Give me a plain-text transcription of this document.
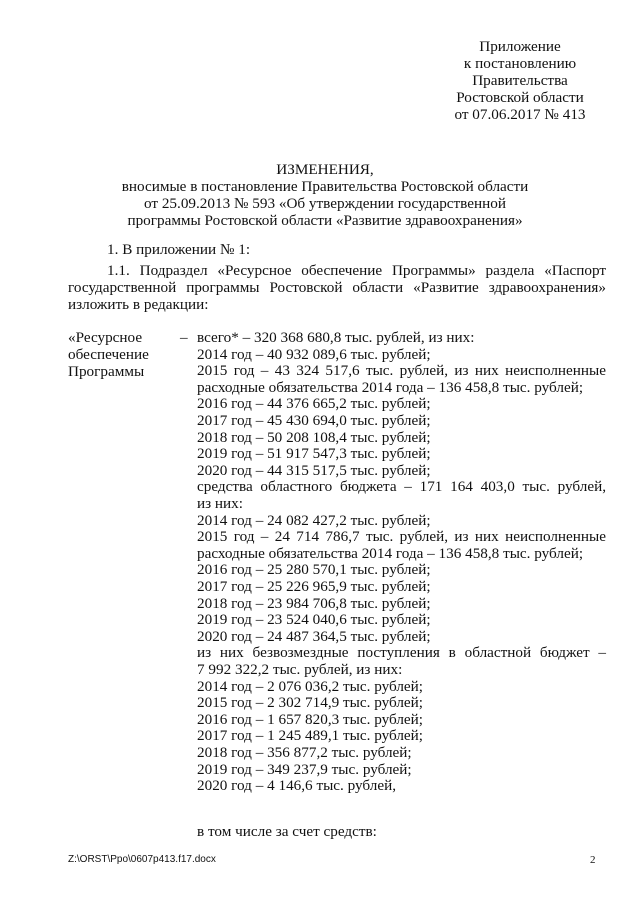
Приложение
к постановлению
Правительства
Ростовской области
от 07.06.2017 № 413
ИЗМЕНЕНИЯ,
вносимые в постановление Правительства Ростовской области
от 25.09.2013 № 593 «Об утверждении государственной
программы Ростовской области «Развитие здравоохранения»
1. В приложении № 1:
1.1. Подраздел «Ресурсное обеспечение Программы» раздела «Паспорт
государственной программы Ростовской области «Развитие здравоохранения»
изложить в редакции:
«Ресурсное
обеспечение
Программы
– всего* – 320 368 680,8 тыс. рублей, из них:
2014 год – 40 932 089,6 тыс. рублей;
2015 год – 43 324 517,6 тыс. рублей, из них неисполненные
расходные обязательства 2014 года – 136 458,8 тыс. рублей;
2016 год – 44 376 665,2 тыс. рублей;
2017 год – 45 430 694,0 тыс. рублей;
2018 год – 50 208 108,4 тыс. рублей;
2019 год – 51 917 547,3 тыс. рублей;
2020 год – 44 315 517,5 тыс. рублей;
средства областного бюджета – 171 164 403,0 тыс. рублей,
из них:
2014 год – 24 082 427,2 тыс. рублей;
2015 год – 24 714 786,7 тыс. рублей, из них неисполненные
расходные обязательства 2014 года – 136 458,8 тыс. рублей;
2016 год – 25 280 570,1 тыс. рублей;
2017 год – 25 226 965,9 тыс. рублей;
2018 год – 23 984 706,8 тыс. рублей;
2019 год – 23 524 040,6 тыс. рублей;
2020 год – 24 487 364,5 тыс. рублей;
из них безвозмездные поступления в областной бюджет –
7 992 322,2 тыс. рублей, из них:
2014 год – 2 076 036,2 тыс. рублей;
2015 год – 2 302 714,9 тыс. рублей;
2016 год – 1 657 820,3 тыс. рублей;
2017 год – 1 245 489,1 тыс. рублей;
2018 год – 356 877,2 тыс. рублей;
2019 год – 349 237,9 тыс. рублей;
2020 год – 4 146,6 тыс. рублей,
в том числе за счет средств:
Z:\ORST\Ppo\0607p413.f17.docx	2
